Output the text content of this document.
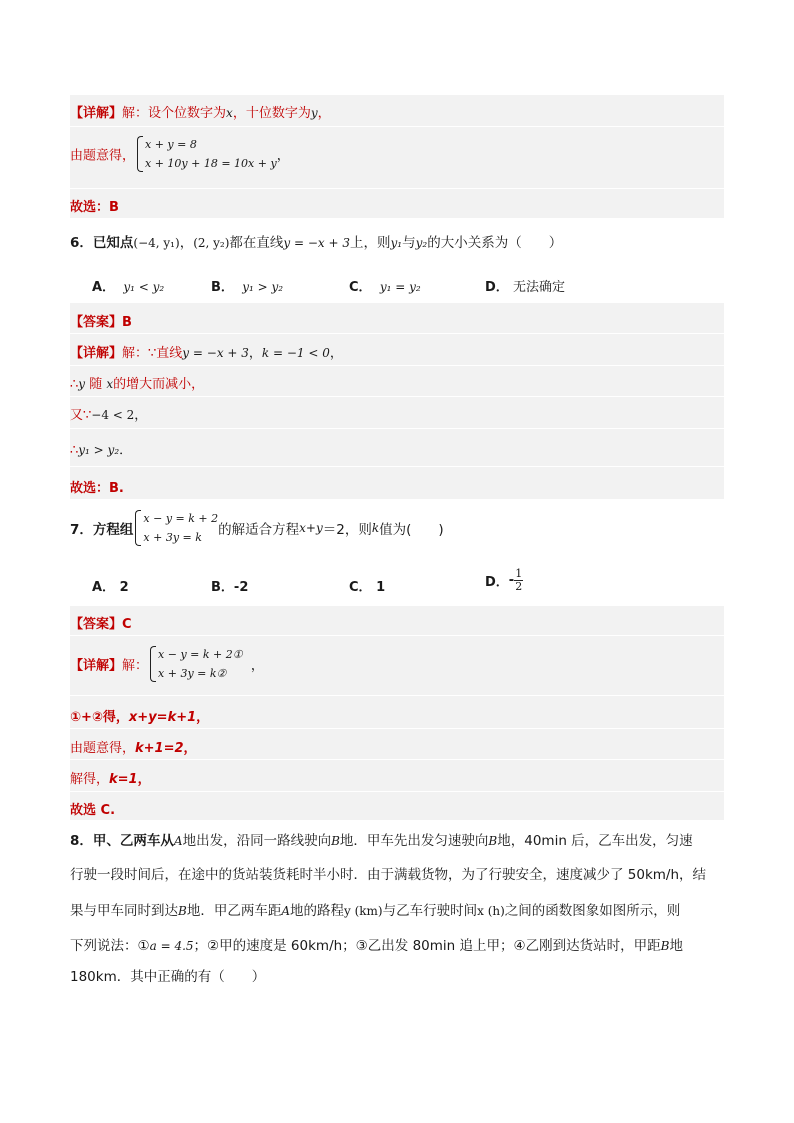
【详解】解：设个位数字为x，十位数字为y，
由题意得，
x + y = 8
x + 10y + 18 = 10x + y ，
故选：B
6．已知点(−4, y₁)，(2, y₂)都在直线y = −x + 3上，则y₁与y₂的大小关系为（　　）
A． y₁ < y₂	B． y₁ > y₂	C． y₁ = y₂	D． 无法确定
【答案】B
【详解】解：∵直线y = −x + 3，k = −1 < 0，
∴y 随 x的增大而减小，
又∵−4 < 2，
∴y₁ > y₂．
故选：B.
7．方程组
x − y = k + 2
x + 3y = k	的解适合方程x+y＝2，则k值为(　　)
A． 2	B．-2	C． 1	D．- $\frac{1}{2}$
【答案】C
【详解】解：
x − y = k + 2①
x + 3y = k②	，
①+②得，x+y=k+1，
由题意得，k+1=2，
解得，k=1，
故选 C.
8．甲、乙两车从A地出发，沿同一路线驶向B地．甲车先出发匀速驶向B地，40min 后，乙车出发，匀速
行驶一段时间后，在途中的货站装货耗时半小时．由于满载货物，为了行驶安全，速度减少了 50km/h，结
果与甲车同时到达B地．甲乙两车距A地的路程y (km)与乙车行驶时间x (h)之间的函数图象如图所示，则
下列说法：①a = 4.5；②甲的速度是 60km/h；③乙出发 80min 追上甲；④乙刚到达货站时，甲距B地
180km．其中正确的有（　　）
